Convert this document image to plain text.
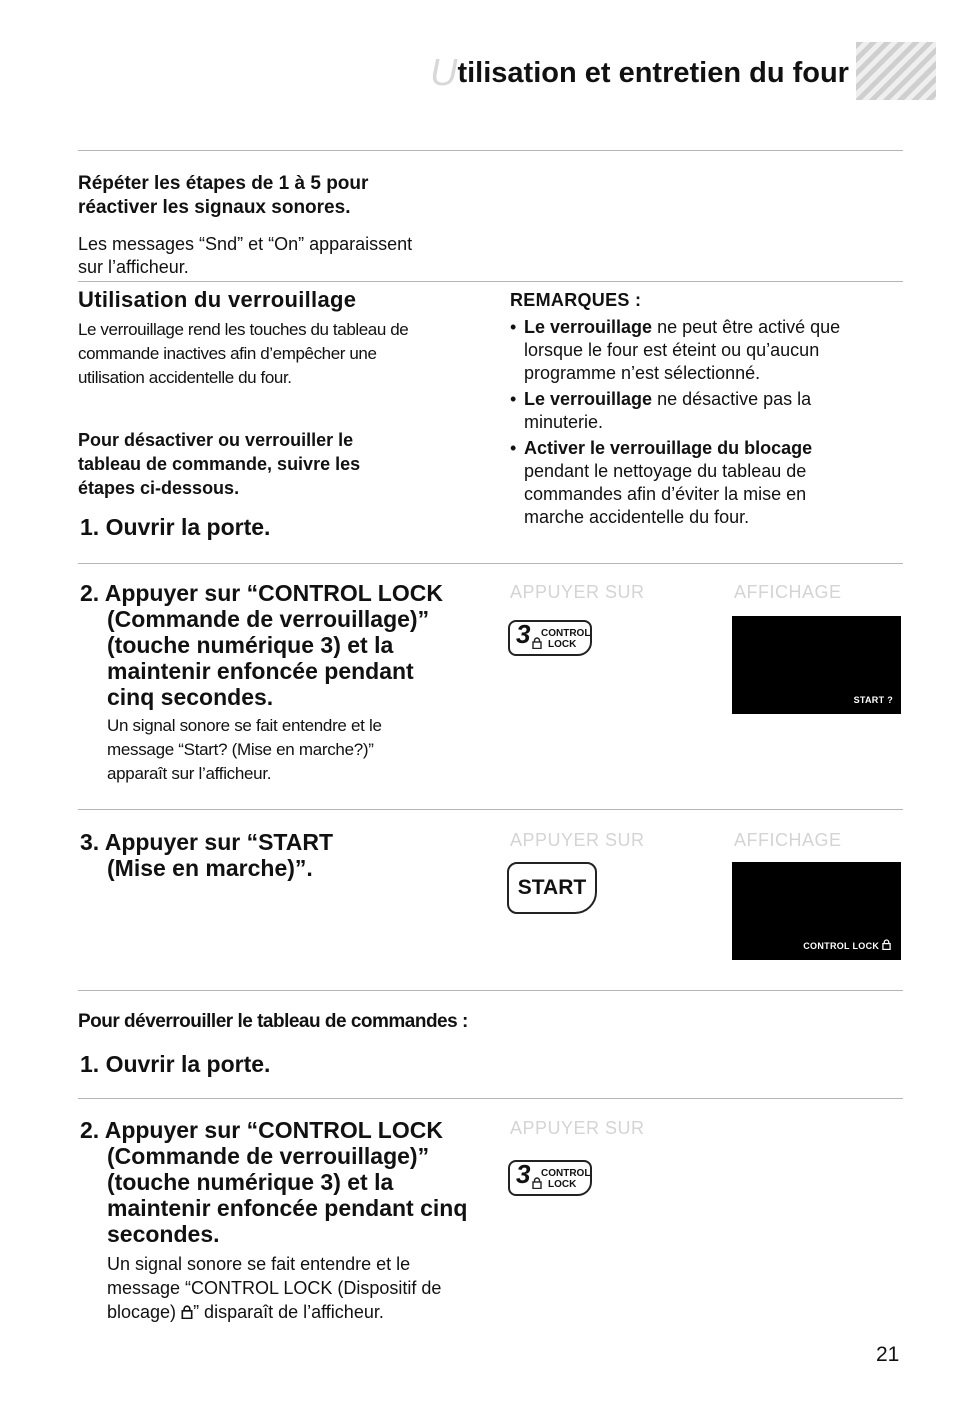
Utilisation et entretien du four
Répéter les étapes de 1 à 5 pour
réactiver les signaux sonores.
Les messages “Snd” et “On” apparaissent
sur l’afficheur.
Utilisation du verrouillage
Le verrouillage rend les touches du tableau de
commande inactives afin d’empêcher une
utilisation accidentelle du four.
Pour désactiver ou verrouiller le
tableau de commande, suivre les
étapes ci-dessous.
1. Ouvrir la porte.
REMARQUES :
• Le verrouillage ne peut être activé que
lorsque le four est éteint ou qu’aucun
programme n’est sélectionné.
• Le verrouillage ne désactive pas la
minuterie.
• Activer le verrouillage du blocage
pendant le nettoyage du tableau de
commandes afin d’éviter la mise en
marche accidentelle du four.
2. Appuyer sur “CONTROL LOCK
(Commande de verrouillage)”
(touche numérique 3) et la
maintenir enfoncée pendant
cinq secondes.
Un signal sonore se fait entendre et le
message “Start? (Mise en marche?)”
apparaît sur l’afficheur.
APPUYER SUR	AFFICHAGE
3 CONTROL
LOCK
START ?
3. Appuyer sur “START
(Mise en marche)”.
APPUYER SUR	AFFICHAGE
START
CONTROL LOCK
Pour déverrouiller le tableau de commandes :
1. Ouvrir la porte.
2. Appuyer sur “CONTROL LOCK
(Commande de verrouillage)”
(touche numérique 3) et la
maintenir enfoncée pendant cinq
secondes.
Un signal sonore se fait entendre et le
message “CONTROL LOCK (Dispositif de
blocage) ” disparaît de l’afficheur.
APPUYER SUR
3 CONTROL
LOCK
21
